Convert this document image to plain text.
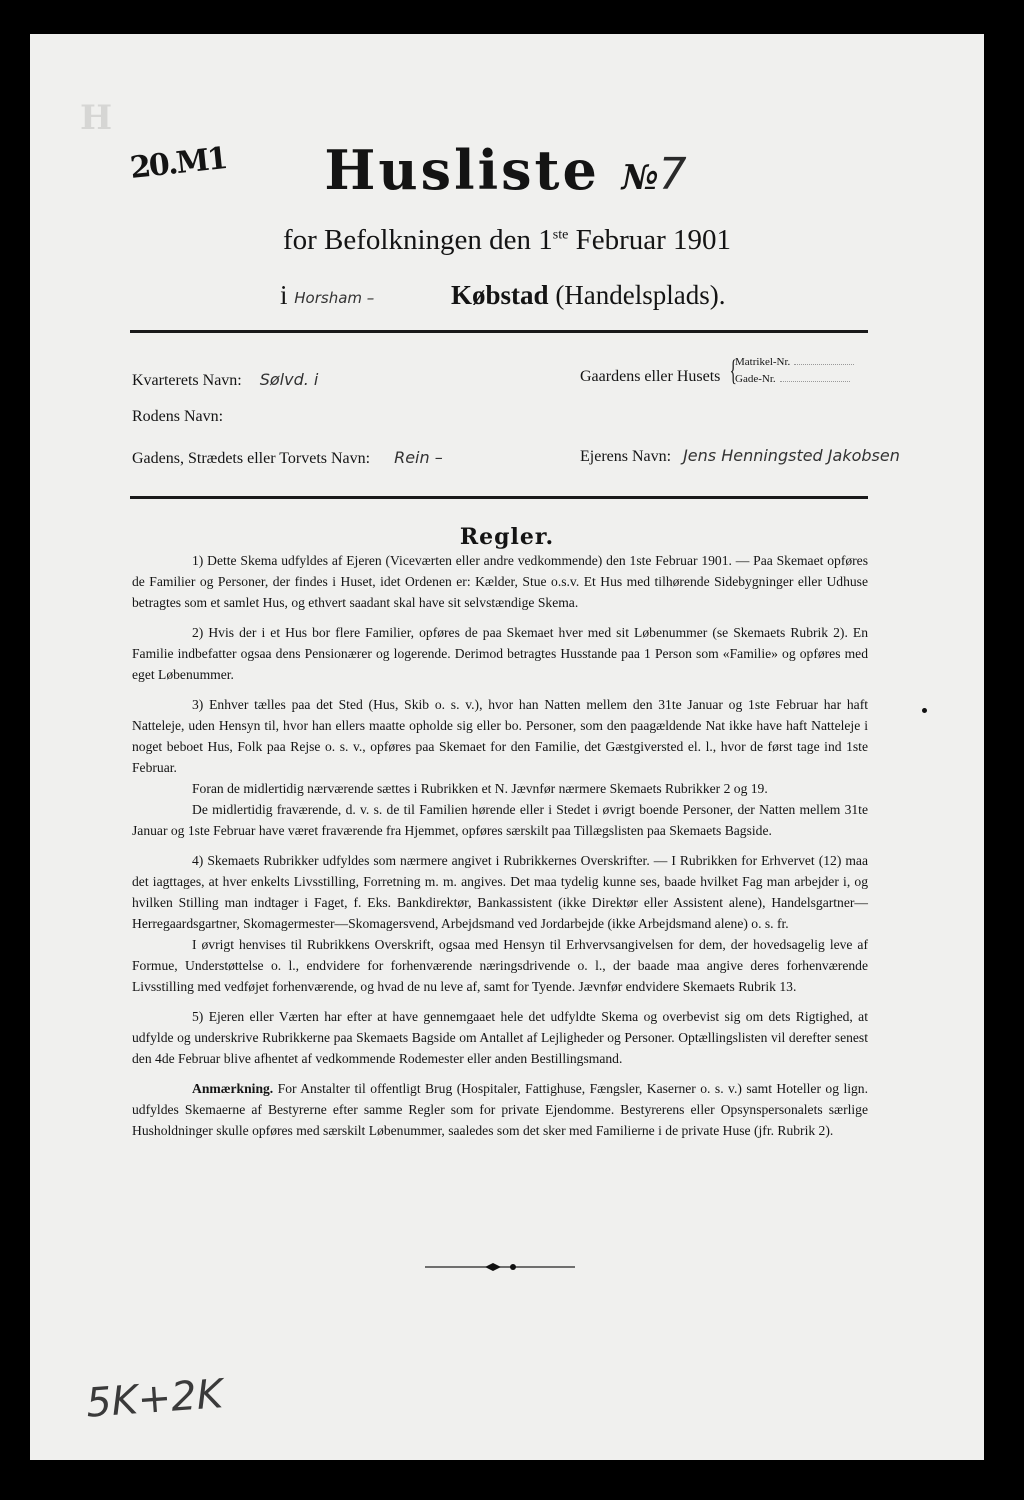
H
20.M1	Husliste №7
for Befolkningen den 1ste Februar 1901
i Horsham –	Købstad (Handelsplads).
Kvarterets Navn: Sølvd. i	Gaardens eller Husets {
Matrikel-Nr.
Gade-Nr.
Rodens Navn:
Gadens, Strædets eller Torvets Navn: Rein –	Ejerens Navn: Jens Henningsted Jakobsen
Regler.

1) Dette Skema udfyldes af Ejeren (Viceværten eller andre vedkommende) den 1ste Februar 1901. — Paa Skemaet opføres de Familier og Personer, der findes i Huset, idet Ordenen er: Kælder, Stue o.s.v. Et Hus med tilhørende Sidebygninger eller Udhuse betragtes som et samlet Hus, og ethvert saadant skal have sit selvstændige Skema.

2) Hvis der i et Hus bor flere Familier, opføres de paa Skemaet hver med sit Løbenummer (se Skemaets Rubrik 2). En Familie indbefatter ogsaa dens Pensionærer og logerende. Derimod betragtes Husstande paa 1 Person som «Familie» og opføres med eget Løbenummer.

3) Enhver tælles paa det Sted (Hus, Skib o. s. v.), hvor han Natten mellem den 31te Januar og 1ste Februar har haft Natteleje, uden Hensyn til, hvor han ellers maatte opholde sig eller bo. Personer, som den paagældende Nat ikke have haft Natteleje i noget beboet Hus, Folk paa Rejse o. s. v., opføres paa Skemaet for den Familie, det Gæstgiversted el. l., hvor de først tage ind 1ste Februar.

Foran de midlertidig nærværende sættes i Rubrikken et N. Jævnfør nærmere Skemaets Rubrikker 2 og 19.

De midlertidig fraværende, d. v. s. de til Familien hørende eller i Stedet i øvrigt boende Personer, der Natten mellem 31te Januar og 1ste Februar have været fraværende fra Hjemmet, opføres særskilt paa Tillægslisten paa Skemaets Bagside.

4) Skemaets Rubrikker udfyldes som nærmere angivet i Rubrikkernes Overskrifter. — I Rubrikken for Erhvervet (12) maa det iagttages, at hver enkelts Livsstilling, Forretning m. m. angives. Det maa tydelig kunne ses, baade hvilket Fag man arbejder i, og hvilken Stilling man indtager i Faget, f. Eks. Bankdirektør, Bankassistent (ikke Direktør eller Assistent alene), Handelsgartner—Herregaardsgartner, Skomagermester—Skomagersvend, Arbejdsmand ved Jordarbejde (ikke Arbejdsmand alene) o. s. fr.

I øvrigt henvises til Rubrikkens Overskrift, ogsaa med Hensyn til Erhvervsangivelsen for dem, der hovedsagelig leve af Formue, Understøttelse o. l., endvidere for forhenværende næringsdrivende o. l., der baade maa angive deres forhenværende Livsstilling med vedføjet forhenværende, og hvad de nu leve af, samt for Tyende. Jævnfør endvidere Skemaets Rubrik 13.

5) Ejeren eller Værten har efter at have gennemgaaet hele det udfyldte Skema og overbevist sig om dets Rigtighed, at udfylde og underskrive Rubrikkerne paa Skemaets Bagside om Antallet af Lejligheder og Personer. Optællingslisten vil derefter senest den 4de Februar blive afhentet af vedkommende Rodemester eller anden Bestillingsmand.

Anmærkning. For Anstalter til offentligt Brug (Hospitaler, Fattighuse, Fængsler, Kaserner o. s. v.) samt Hoteller og lign. udfyldes Skemaerne af Bestyrerne efter samme Regler som for private Ejendomme. Bestyrerens eller Opsynspersonalets særlige Husholdninger skulle opføres med særskilt Løbenummer, saaledes som det sker med Familierne i de private Huse (jfr. Rubrik 2).

5K+2K
